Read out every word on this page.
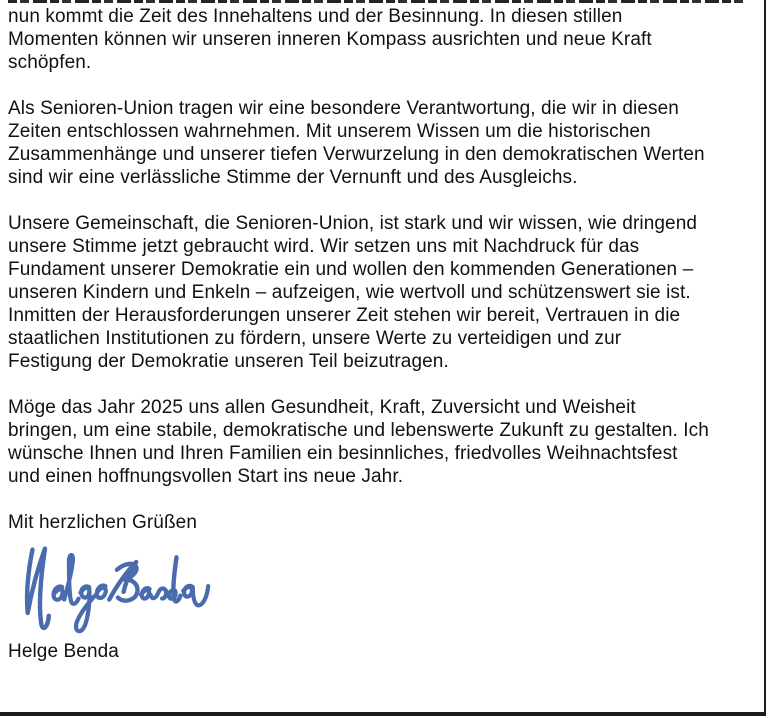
nun kommt die Zeit des Innehaltens und der Besinnung. In diesen stillen
Momenten können wir unseren inneren Kompass ausrichten und neue Kraft
schöpfen.

Als Senioren-Union tragen wir eine besondere Verantwortung, die wir in diesen
Zeiten entschlossen wahrnehmen. Mit unserem Wissen um die historischen
Zusammenhänge und unserer tiefen Verwurzelung in den demokratischen Werten
sind wir eine verlässliche Stimme der Vernunft und des Ausgleichs.

Unsere Gemeinschaft, die Senioren-Union, ist stark und wir wissen, wie dringend
unsere Stimme jetzt gebraucht wird. Wir setzen uns mit Nachdruck für das
Fundament unserer Demokratie ein und wollen den kommenden Generationen –
unseren Kindern und Enkeln – aufzeigen, wie wertvoll und schützenswert sie ist.
Inmitten der Herausforderungen unserer Zeit stehen wir bereit, Vertrauen in die
staatlichen Institutionen zu fördern, unsere Werte zu verteidigen und zur
Festigung der Demokratie unseren Teil beizutragen.

Möge das Jahr 2025 uns allen Gesundheit, Kraft, Zuversicht und Weisheit
bringen, um eine stabile, demokratische und lebenswerte Zukunft zu gestalten. Ich
wünsche Ihnen und Ihren Familien ein besinnliches, friedvolles Weihnachtsfest
und einen hoffnungsvollen Start ins neue Jahr.

Mit herzlichen Grüßen
Helge Benda
